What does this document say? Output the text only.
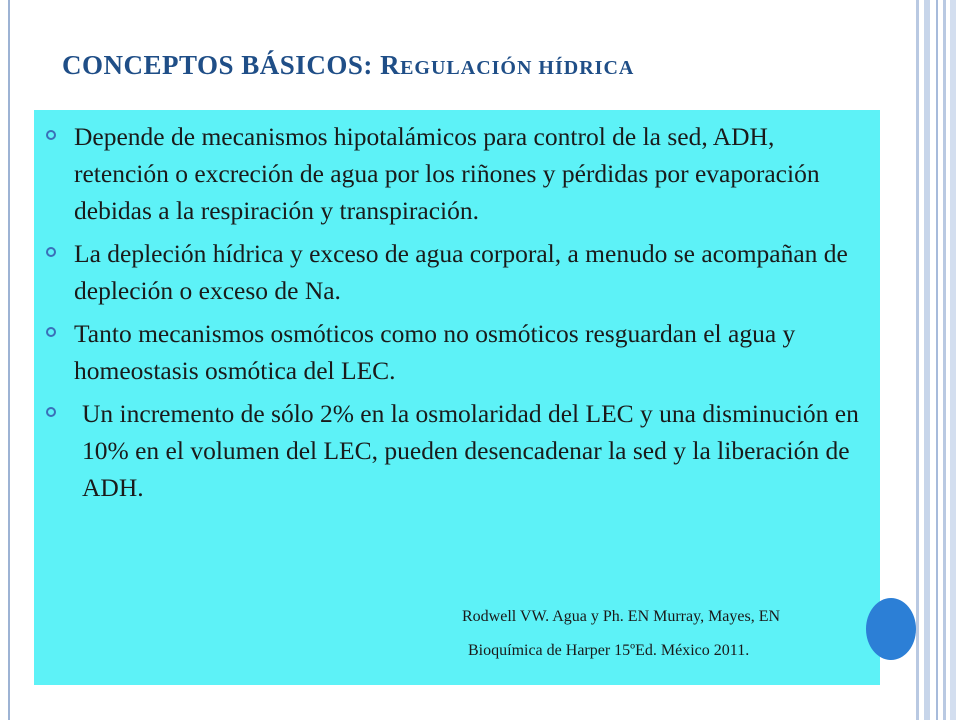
CONCEPTOS BÁSICOS: REGULACIÓN HÍDRICA
Depende de mecanismos hipotalámicos para control de la sed, ADH, retención o excreción de agua por los riñones y pérdidas por evaporación debidas a la respiración y transpiración.
La depleción hídrica y exceso de agua corporal, a menudo se acompañan de depleción o exceso de Na.
Tanto mecanismos osmóticos como no osmóticos resguardan el agua y homeostasis osmótica del LEC.
Un incremento de sólo 2% en la osmolaridad del LEC y una disminución en 10% en el volumen del LEC, pueden desencadenar la sed y la liberación de ADH.
Rodwell VW. Agua y Ph. EN Murray, Mayes, EN
Bioquímica de Harper 15ºEd. México 2011.
